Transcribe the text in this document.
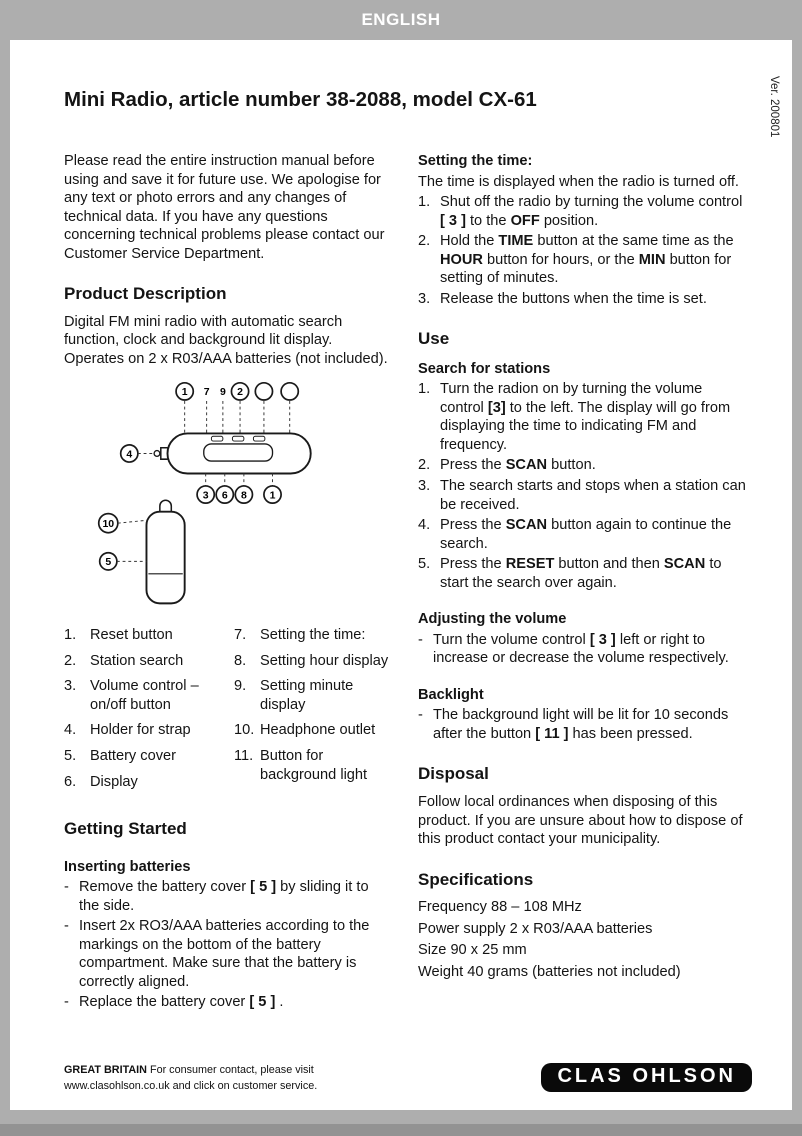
ENGLISH
Ver. 200801
Mini Radio, article number 38-2088, model CX-61

Please read the entire instruction manual before using and save it for future use. We apologise for any text or photo errors and any changes of technical data. If you have any questions concerning technical problems please contact our Customer Service Department.

Product Description

Digital FM mini radio with automatic search function, clock and background lit display. Operates on 2 x R03/AAA batteries (not included).

1 7 9 2
4
3 6 8 1
10
5
1. Reset button
2. Station search
3. Volume control – on/off button
4. Holder for strap
5. Battery cover
6. Display
7. Setting the time:
8. Setting hour display
9. Setting minute display
10. Headphone outlet
11. Button for background light
Getting Started
Inserting batteries
- Remove the battery cover [ 5 ] by sliding it to the side.
- Insert 2x RO3/AAA batteries according to the markings on the bottom of the battery compartment. Make sure that the battery is correctly aligned.
- Replace the battery cover [ 5 ] .
Setting the time:

The time is displayed when the radio is turned off.

1. Shut off the radio by turning the volume control [ 3 ] to the OFF position.
2. Hold the TIME button at the same time as the HOUR button for hours, or the MIN button for setting of minutes.
3. Release the buttons when the time is set.
Use
Search for stations
1. Turn the radion on by turning the volume control [3] to the left. The display will go from displaying the time to indicating FM and frequency.
2. Press the SCAN button.
3. The search starts and stops when a station can be received.
4. Press the SCAN button again to continue the search.
5. Press the RESET button and then SCAN to start the search over again.
Adjusting the volume
- Turn the volume control [ 3 ] left or right to increase or decrease the volume respectively.
Backlight
- The background light will be lit for 10 seconds after the button [ 11 ] has been pressed.
Disposal

Follow local ordinances when disposing of this product. If you are unsure about how to dispose of this product contact your municipality.

Specifications
Frequency 88 – 108 MHz
Power supply 2 x R03/AAA batteries
Size 90 x 25 mm
Weight 40 grams (batteries not included)
GREAT BRITAIN For consumer contact, please visit www.clasohlson.co.uk and click on customer service.	CLAS OHLSON
